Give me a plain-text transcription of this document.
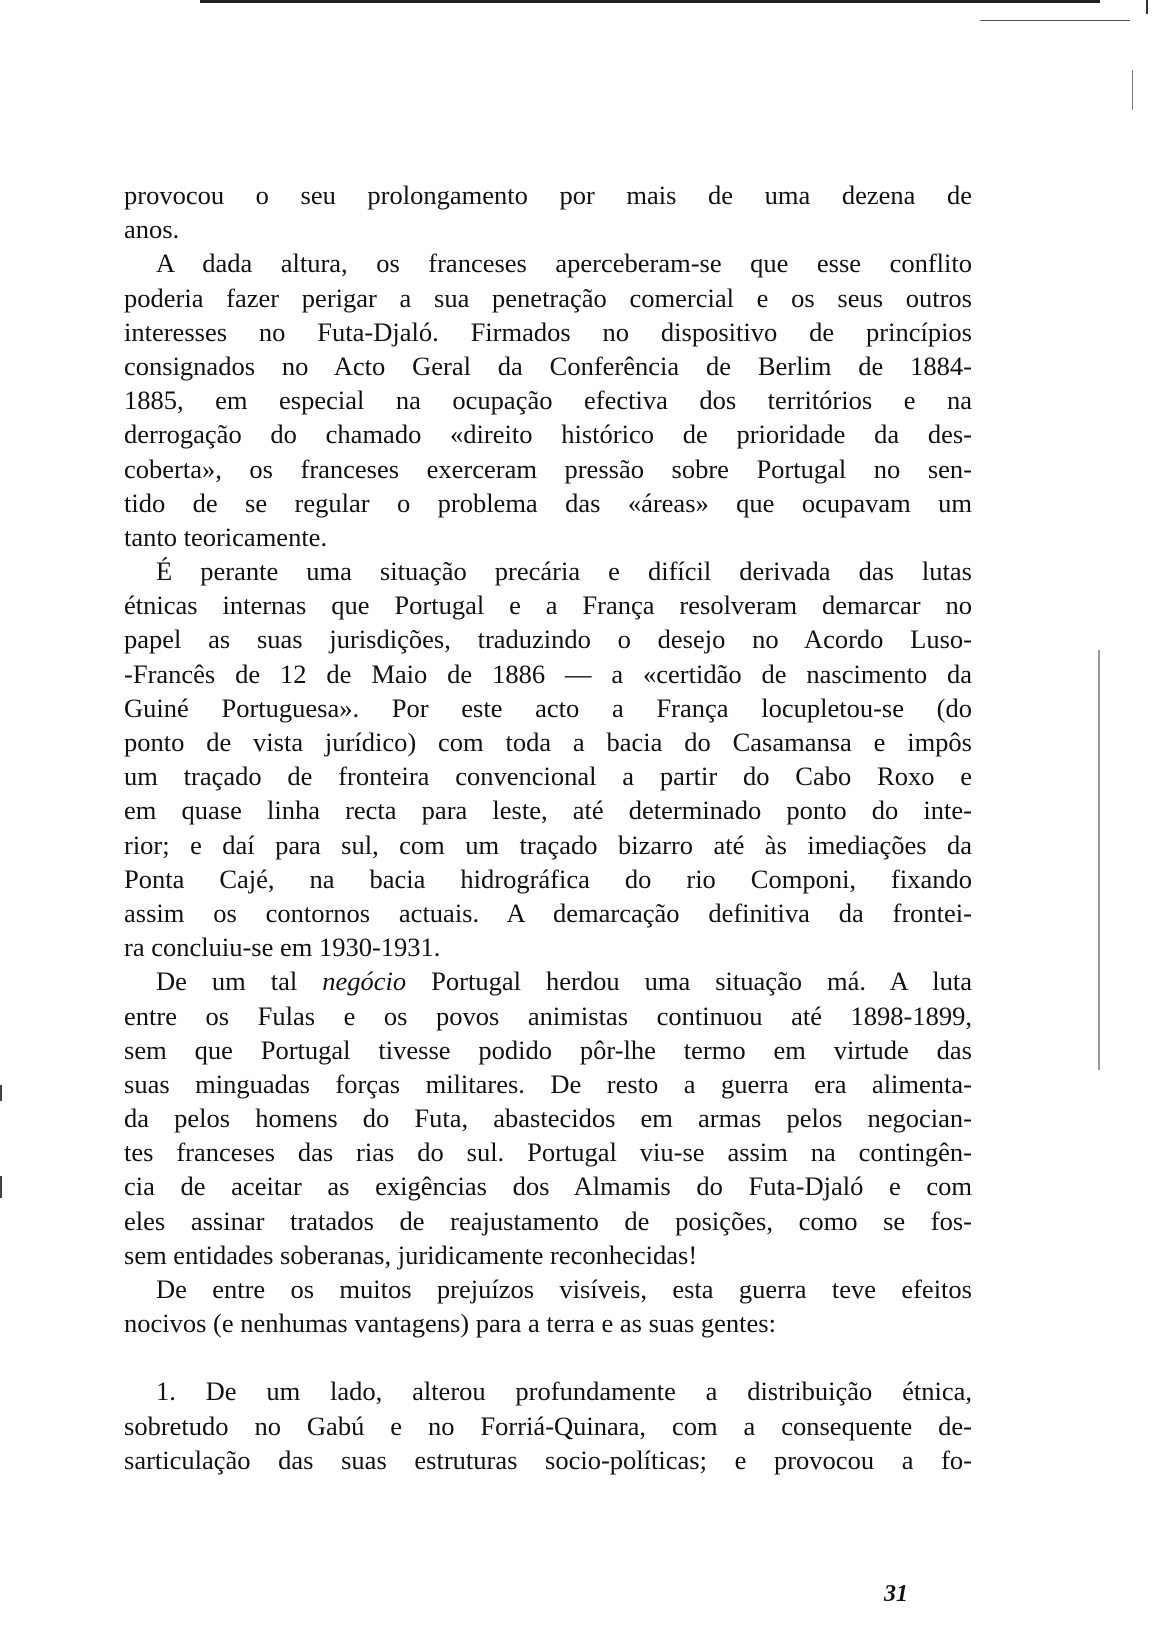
provocou o seu prolongamento por mais de uma dezena de
anos.
A dada altura, os franceses aperceberam-se que esse conflito
poderia fazer perigar a sua penetração comercial e os seus outros
interesses no Futa-Djaló. Firmados no dispositivo de princípios
consignados no Acto Geral da Conferência de Berlim de 1884-
1885, em especial na ocupação efectiva dos territórios e na
derrogação do chamado «direito histórico de prioridade da des-
coberta», os franceses exerceram pressão sobre Portugal no sen-
tido de se regular o problema das «áreas» que ocupavam um
tanto teoricamente.
É perante uma situação precária e difícil derivada das lutas
étnicas internas que Portugal e a França resolveram demarcar no
papel as suas jurisdições, traduzindo o desejo no Acordo Luso-
-Francês de 12 de Maio de 1886 — a «certidão de nascimento da
Guiné Portuguesa». Por este acto a França locupletou-se (do
ponto de vista jurídico) com toda a bacia do Casamansa e impôs
um traçado de fronteira convencional a partir do Cabo Roxo e
em quase linha recta para leste, até determinado ponto do inte-
rior; e daí para sul, com um traçado bizarro até às imediações da
Ponta Cajé, na bacia hidrográfica do rio Componi, fixando
assim os contornos actuais. A demarcação definitiva da frontei-
ra concluiu-se em 1930-1931.
De um tal negócio Portugal herdou uma situação má. A luta
entre os Fulas e os povos animistas continuou até 1898-1899,
sem que Portugal tivesse podido pôr-lhe termo em virtude das
suas minguadas forças militares. De resto a guerra era alimenta-
da pelos homens do Futa, abastecidos em armas pelos negocian-
tes franceses das rias do sul. Portugal viu-se assim na contingên-
cia de aceitar as exigências dos Almamis do Futa-Djaló e com
eles assinar tratados de reajustamento de posições, como se fos-
sem entidades soberanas, juridicamente reconhecidas!
De entre os muitos prejuízos visíveis, esta guerra teve efeitos
nocivos (e nenhumas vantagens) para a terra e as suas gentes:
1. De um lado, alterou profundamente a distribuição étnica,
sobretudo no Gabú e no Forriá-Quinara, com a consequente de-
sarticulação das suas estruturas socio-políticas; e provocou a fo-
31
